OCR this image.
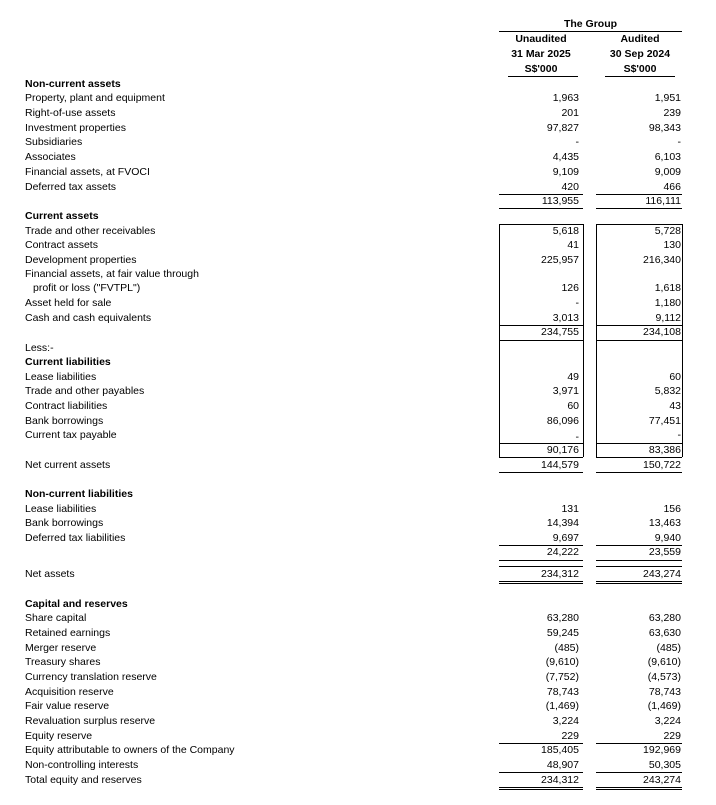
The Group
Unaudited	Audited
31 Mar 2025	30 Sep 2024
S$'000	S$'000
Non-current assets
Property, plant and equipment	1,963	1,951
Right-of-use assets	201	239
Investment properties	97,827	98,343
Subsidiaries	-	-
Associates	4,435	6,103
Financial assets, at FVOCI	9,109	9,009
Deferred tax assets	420	466
113,955	116,111
Current assets
Trade and other receivables	5,618	5,728
Contract assets	41	130
Development properties	225,957	216,340
Financial assets, at fair value through
profit or loss ("FVTPL")	126	1,618
Asset held for sale	-	1,180
Cash and cash equivalents	3,013	9,112
234,755	234,108
Less:-
Current liabilities
Lease liabilities	49	60
Trade and other payables	3,971	5,832
Contract liabilities	60	43
Bank borrowings	86,096	77,451
Current tax payable	-	-
90,176	83,386
Net current assets	144,579	150,722
Non-current liabilities
Lease liabilities	131	156
Bank borrowings	14,394	13,463
Deferred tax liabilities	9,697	9,940
24,222	23,559
Net assets	234,312	243,274
Capital and reserves
Share capital	63,280	63,280
Retained earnings	59,245	63,630
Merger reserve	(485)	(485)
Treasury shares	(9,610)	(9,610)
Currency translation reserve	(7,752)	(4,573)
Acquisition reserve	78,743	78,743
Fair value reserve	(1,469)	(1,469)
Revaluation surplus reserve	3,224	3,224
Equity reserve	229	229
Equity attributable to owners of the Company	185,405	192,969
Non-controlling interests	48,907	50,305
Total equity and reserves	234,312	243,274
